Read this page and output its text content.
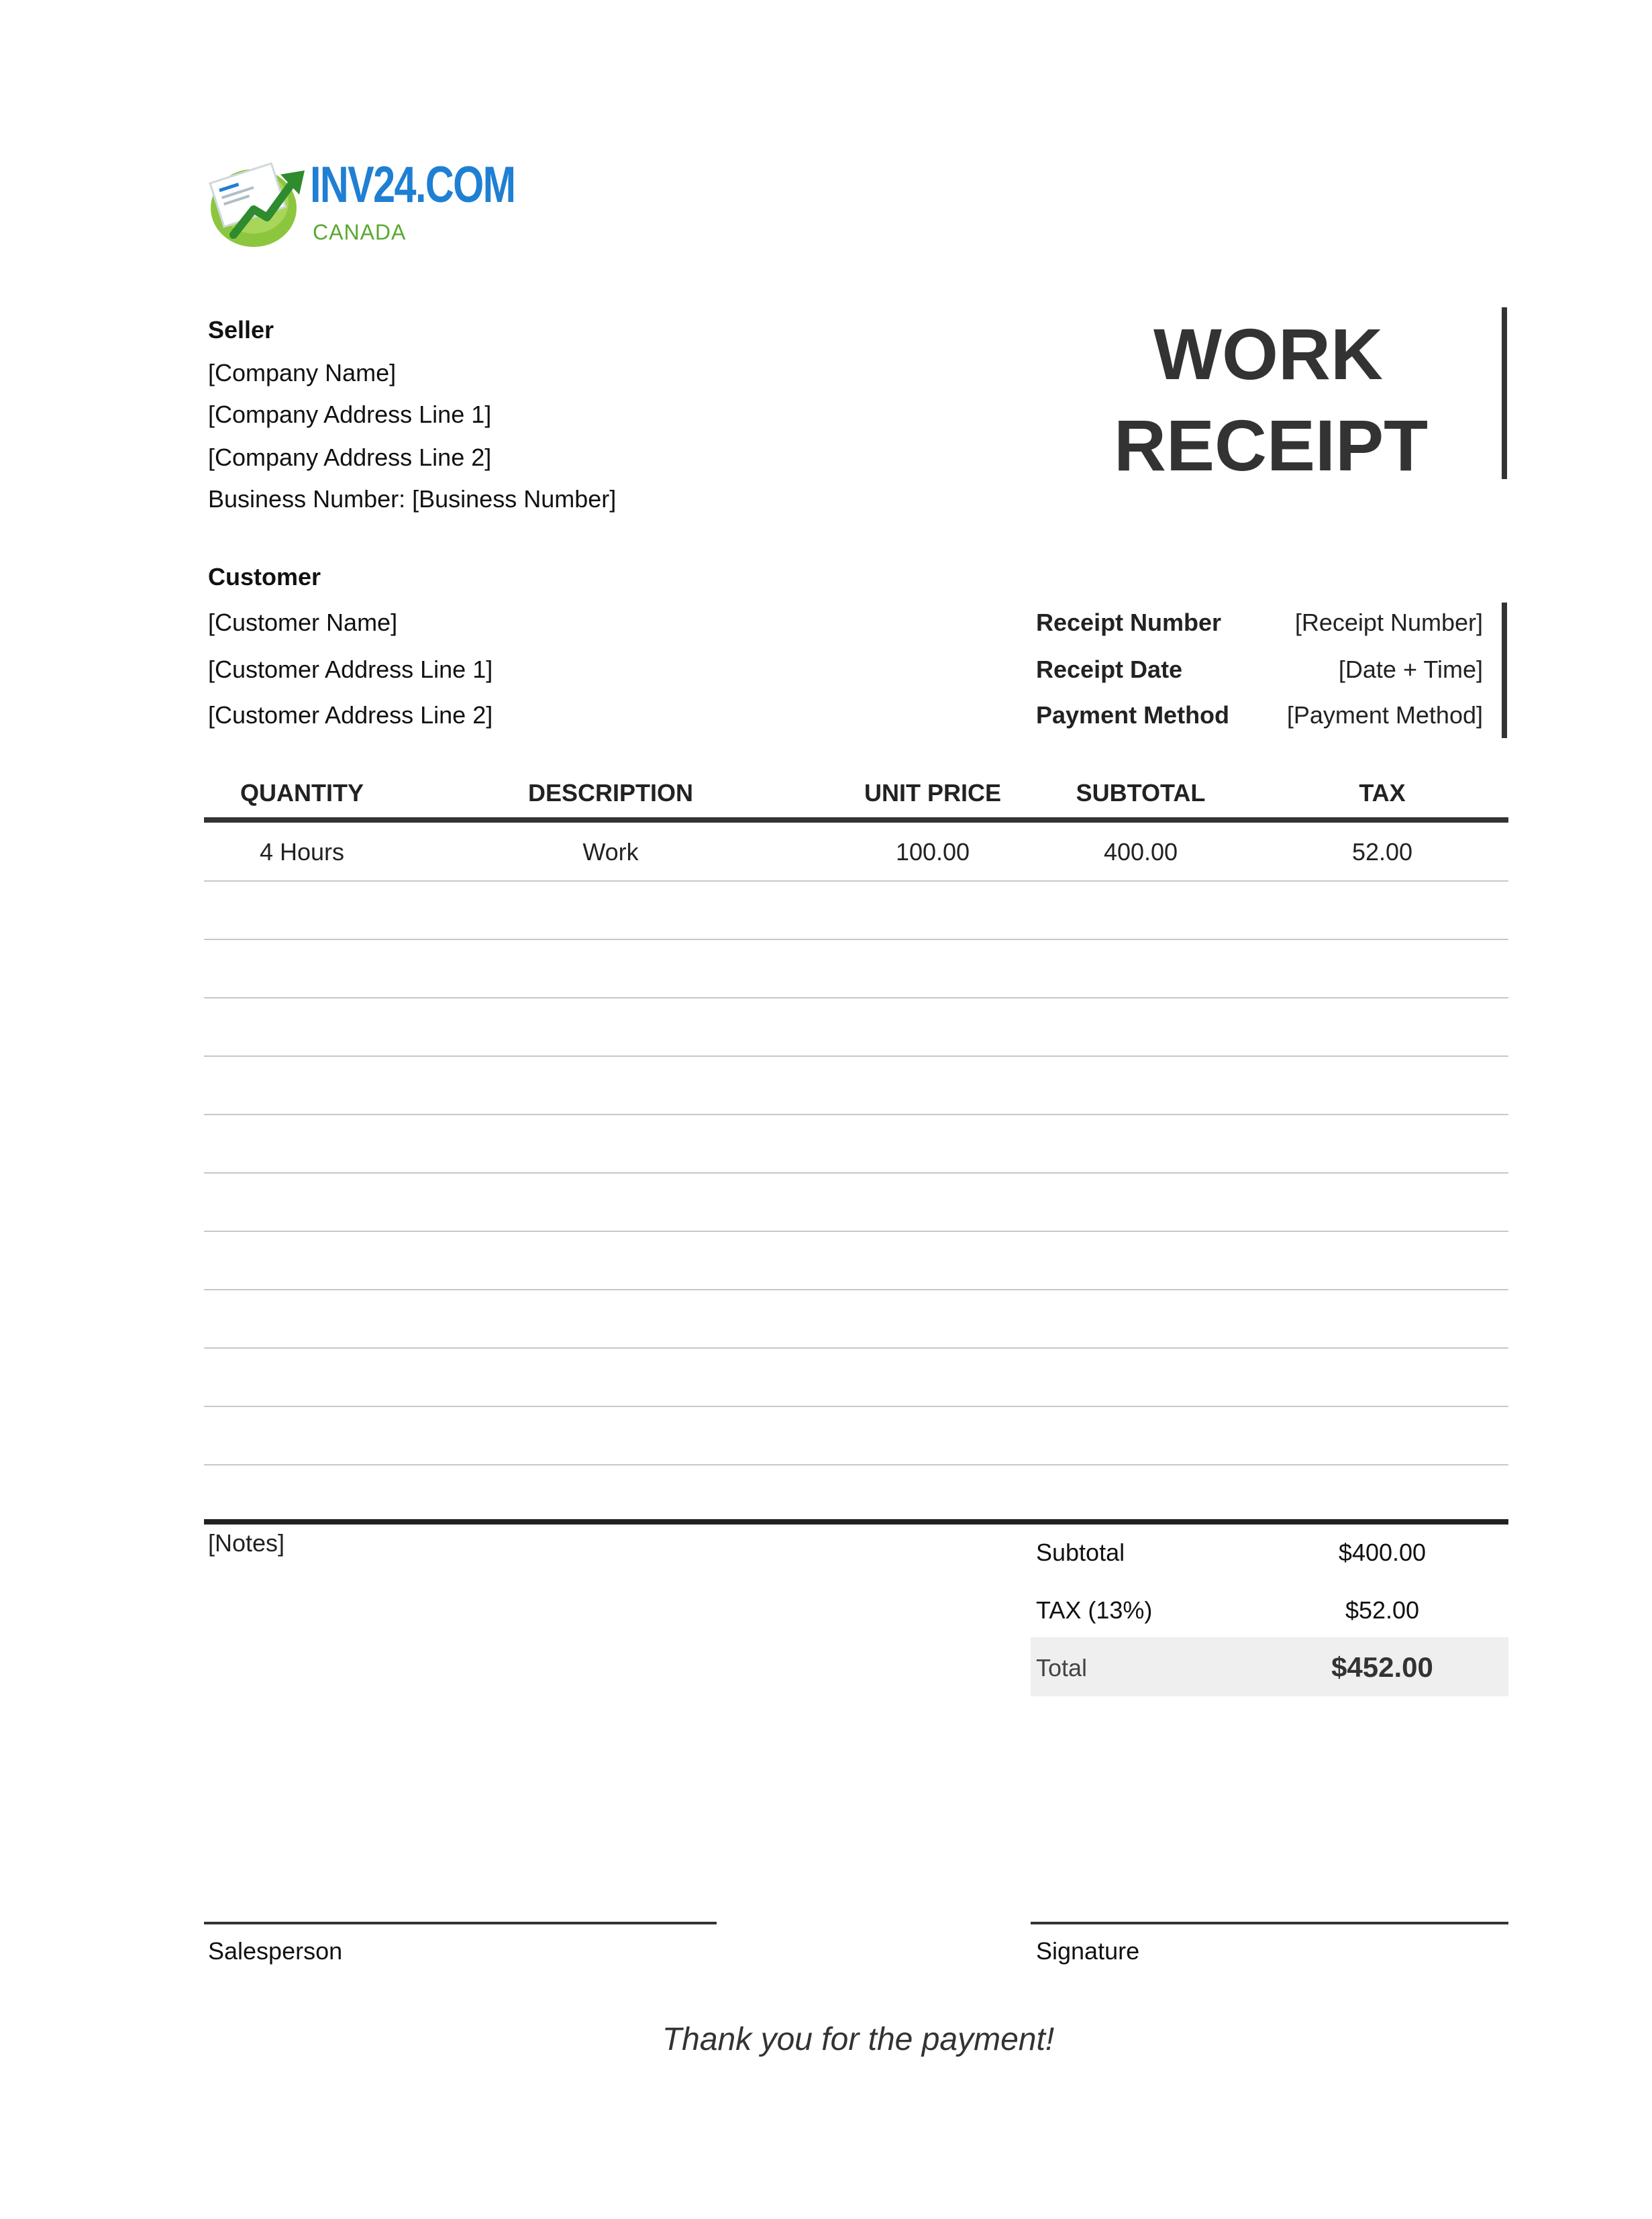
INV24.COM
CANADA
Seller
[Company Name]
[Company Address Line 1]
[Company Address Line 2]
Business Number: [Business Number]
WORK
RECEIPT
Customer
[Customer Name]
[Customer Address Line 1]
[Customer Address Line 2]
Receipt Number	[Receipt Number]
Receipt Date	[Date + Time]
Payment Method [Payment Method]
QUANTITY	DESCRIPTION	UNIT PRICE	SUBTOTAL	TAX
4 Hours	Work	100.00	400.00	52.00
[Notes]	Subtotal	$400.00
TAX (13%)	$52.00
Total	$452.00
Salesperson	Signature
Thank you for the payment!
